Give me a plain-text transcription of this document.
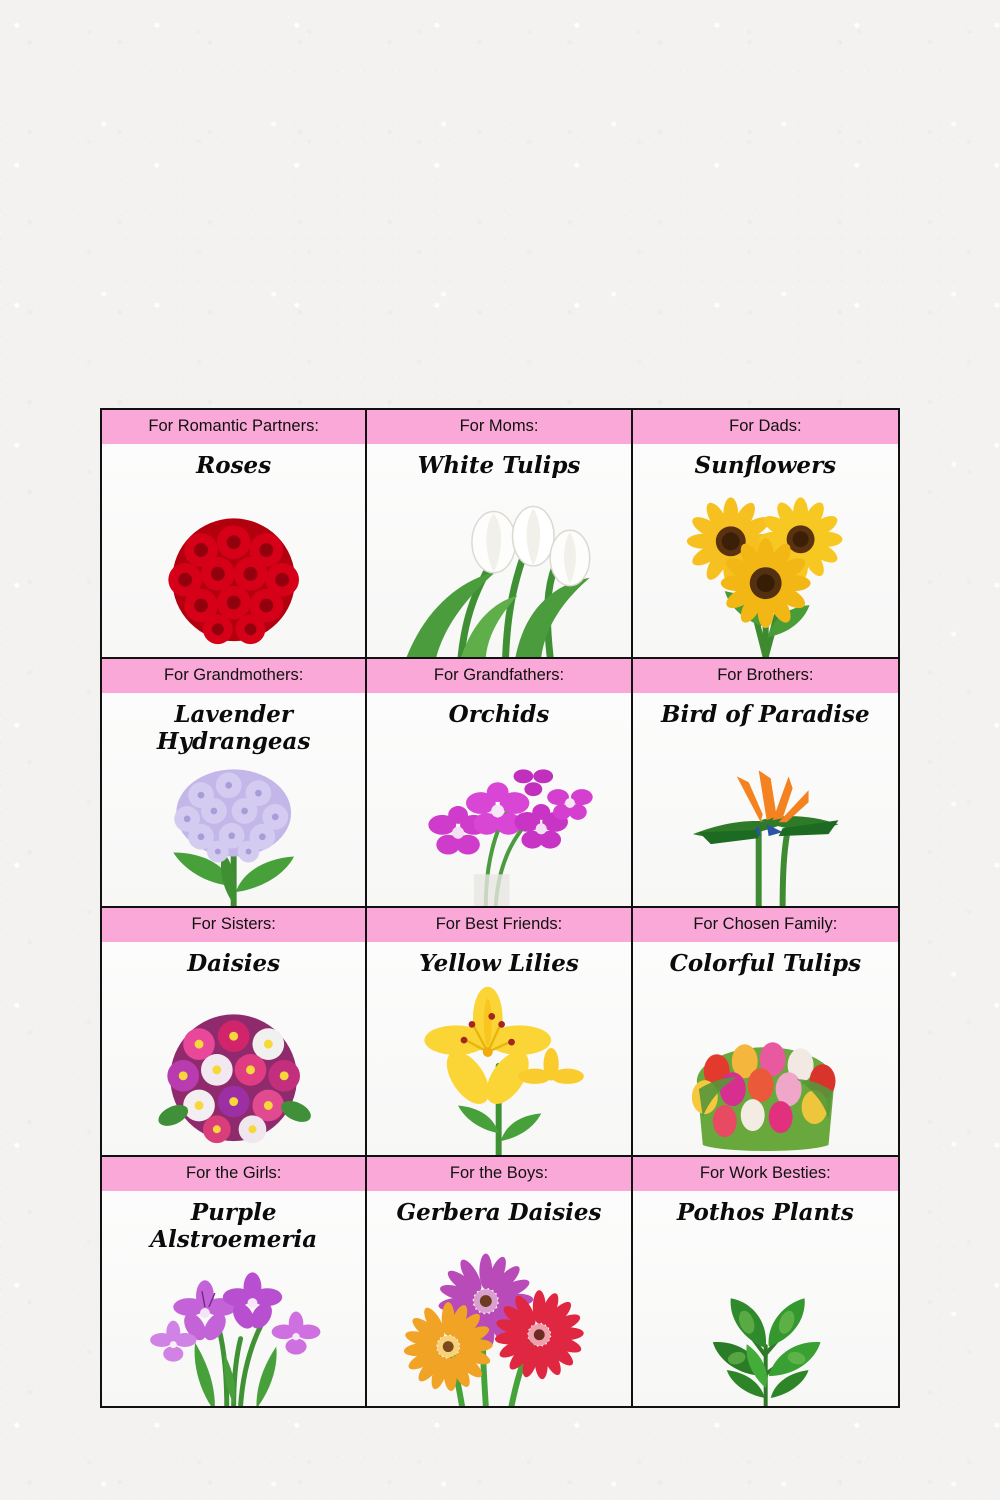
For Romantic Partners:
Roses
For Moms:
White Tulips
For Dads:
Sunflowers
For Grandmothers:
Lavender Hydrangeas
For Grandfathers:
Orchids
For Brothers:
Bird of Paradise
For Sisters:
Daisies
For Best Friends:
Yellow Lilies
For Chosen Family:
Colorful Tulips
For the Girls:
Purple Alstroemeria
For the Boys:
Gerbera Daisies
For Work Besties:
Pothos Plants
